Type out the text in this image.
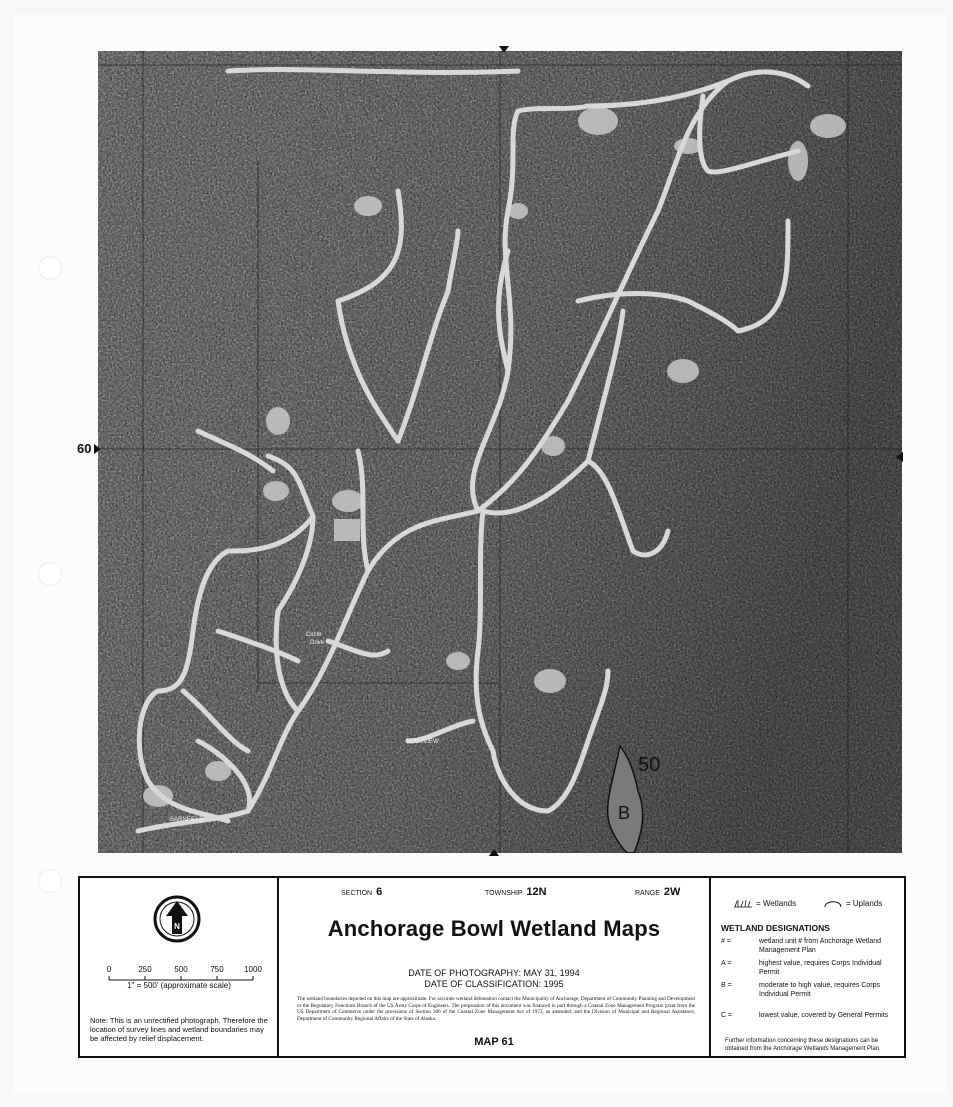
50
B
Circle
Drive
BARNFIELD
ROCKVIEW
60
N
0	250	500	750	1000
1" = 500' (approximate scale)
Note: This is an unrectified photograph. Therefore the location of survey lines and wetland boundaries may be affected by relief displacement.
SECTION 6	TOWNSHIP 12N	RANGE 2W
Anchorage Bowl Wetland Maps
DATE OF PHOTOGRAPHY: MAY 31, 1994
DATE OF CLASSIFICATION: 1995
The wetland boundaries depicted on this map are approximate. For accurate wetland delineation contact the Municipality of Anchorage, Department of Community Planning and Development or the Regulatory Functions Branch of the US Army Corps of Engineers. The preparation of this document was financed in part through a Coastal Zone Management Program grant from the US Department of Commerce under the provisions of Section 306 of the Coastal Zone Management Act of 1972, as amended, and the Division of Municipal and Regional Assistance, Department of Community Regional Affairs of the State of Alaska.
MAP 61
= Wetlands	= Uplands
WETLAND DESIGNATIONS
# =	wetland unit # from Anchorage Wetland Management Plan
A =	highest value, requires Corps Individual Permit
B =	moderate to high value, requires Corps Individual Permit
C =	lowest value, covered by General Permits
Further information concerning these designations can be obtained from the Anchorage Wetlands Management Plan.
